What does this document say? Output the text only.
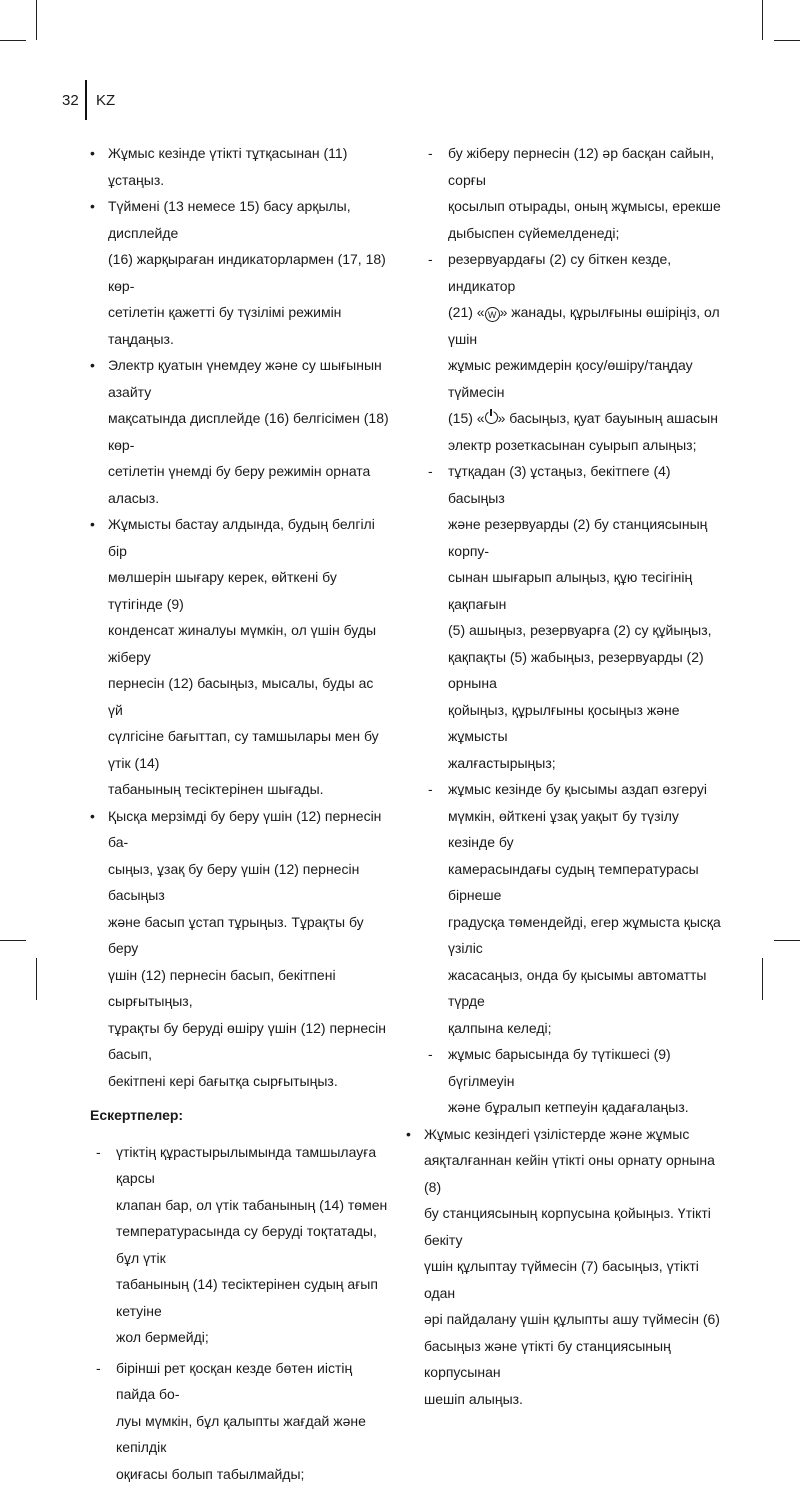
32 KZ
• Жұмыс кезінде үтікті тұтқасынан (11) ұстаңыз.
• Түймені (13 немесе 15) басу арқылы, дисплейде
(16) жарқыраған индикаторлармен (17, 18) көр-
сетілетін қажетті бу түзілімі режимін таңдаңыз.
• Электр қуатын үнемдеу және су шығынын азайту
мақсатында дисплейде (16) белгісімен (18) көр-
сетілетін үнемді бу беру режимін орната аласыз.
• Жұмысты бастау алдында, будың белгілі бір
мөлшерін шығару керек, өйткені бу түтігінде (9)
конденсат жиналуы мүмкін, ол үшін буды жіберу
пернесін (12) басыңыз, мысалы, буды ас үй
сүлгісіне бағыттап, су тамшылары мен бу үтік (14)
табанының тесіктерінен шығады.
• Қысқа мерзімді бу беру үшін (12) пернесін ба-
сыңыз, ұзақ бу беру үшін (12) пернесін басыңыз
және басып ұстап тұрыңыз. Тұрақты бу беру
үшін (12) пернесін басып, бекітпені сырғытыңыз,
тұрақты бу беруді өшіру үшін (12) пернесін басып,
бекітпені кері бағытқа сырғытыңыз.
Ескертпелер:
- үтіктің құрастырылымында тамшылауға қарсы
клапан бар, ол үтік табанының (14) төмен
температурасында су беруді тоқтатады, бұл үтік
табанының (14) тесіктерінен судың ағып кетуіне
жол бермейді;
- бірінші рет қосқан кезде бөтен иістің пайда бо-
луы мүмкін, бұл қалыпты жағдай және кепілдік
оқиғасы болып табылмайды;
- бу жіберу пернесін (12) әр басқан сайын, сорғы
қосылып отырады, оның жұмысы, ерекше
дыбыспен сүйемелденеді;
- резервуардағы (2) су біткен кезде, индикатор
(21) « W » жанады, құрылғыны өшіріңіз, ол үшін
жұмыс режимдерін қосу/өшіру/таңдау түймесін
(15) « » басыңыз, қуат бауының ашасын
электр розеткасынан суырып алыңыз;
- тұтқадан (3) ұстаңыз, бекітпеге (4) басыңыз
және резервуарды (2) бу станциясының корпу-
сынан шығарып алыңыз, құю тесігінің қақпағын
(5) ашыңыз, резервуарға (2) су құйыңыз,
қақпақты (5) жабыңыз, резервуарды (2) орнына
қойыңыз, құрылғыны қосыңыз және жұмысты
жалғастырыңыз;
- жұмыс кезінде бу қысымы аздап өзгеруі
мүмкін, өйткені ұзақ уақыт бу түзілу кезінде бу
камерасындағы судың температурасы бірнеше
градусқа төмендейді, егер жұмыста қысқа үзіліс
жасасаңыз, онда бу қысымы автоматты түрде
қалпына келеді;
- жұмыс барысында бу түтікшесі (9) бүгілмеуін
және бұралып кетпеуін қадағалаңыз.
• Жұмыс кезіндегі үзілістерде және жұмыс
аяқталғаннан кейін үтікті оны орнату орнына (8)
бу станциясының корпусына қойыңыз. Үтікті бекіту
үшін құлыптау түймесін (7) басыңыз, үтікті одан
әрі пайдалану үшін құлыпты ашу түймесін (6)
басыңыз және үтікті бу станциясының корпусынан
шешіп алыңыз.
